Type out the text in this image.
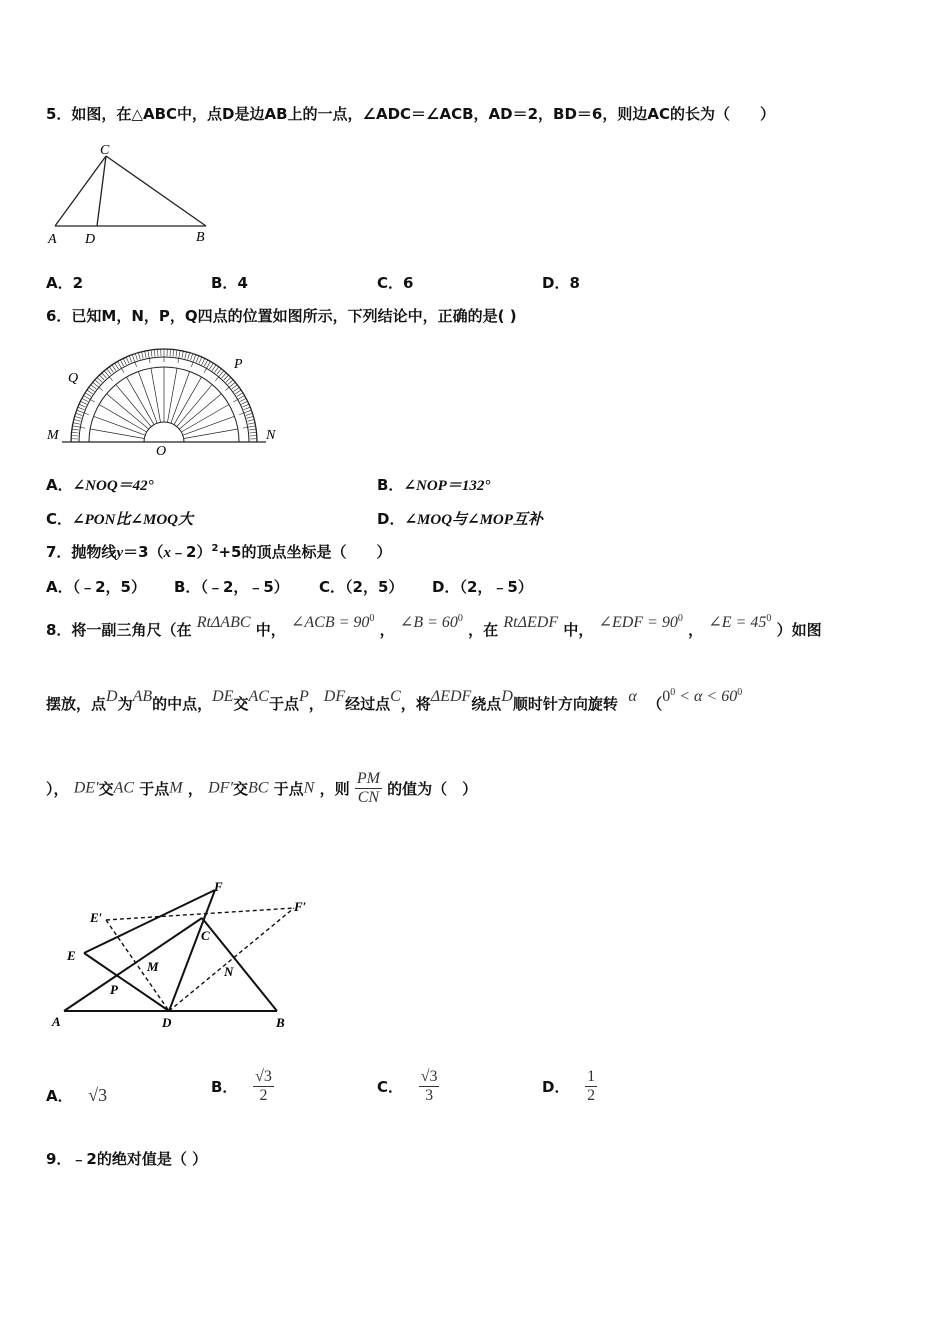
5．如图，在△ABC中，点D是边AB上的一点，∠ADC＝∠ACB，AD＝2，BD＝6，则边AC的长为（　　）
C
A D	B
A．2	B．4	C．6	D．8
6．已知M，N，P，Q四点的位置如图所示，下列结论中，正确的是( )
M	N
P
Q
O
A．∠NOQ＝42°	B．∠NOP＝132°
C．∠PON比∠MOQ大	D．∠MOQ与∠MOP互补
7．抛物线y＝3（x﹣2）$^2$+5的顶点坐标是（　　）
A．（﹣2，5） B．（﹣2，﹣5） C．（2，5） D．（2，﹣5）
8．将一副三角尺（在 RtΔABC 中， ∠ACB = $90^0$ ， ∠B = $60^0$ ，在 RtΔEDF 中， ∠EDF = $90^0$ ， ∠E = $45^0$ ）如图
摆放，点D为AB的中点，DE交AC于点P，DF经过点C，将ΔEDF绕点D顺时针方向旋转 α （$0^0 < \alpha < 60^0$
）， DE′交AC 于点M ， DF′交BC 于点N ，则 $\frac{PM}{CN}$ 的值为（　）
F
E′
F′
C
E
M	N
P
A	D	B
A． √3	B． $\frac{√3}{2}$	C． $\frac{√3}{3}$	D． $\frac{1}{2}$
9．﹣2的绝对值是（ ）
